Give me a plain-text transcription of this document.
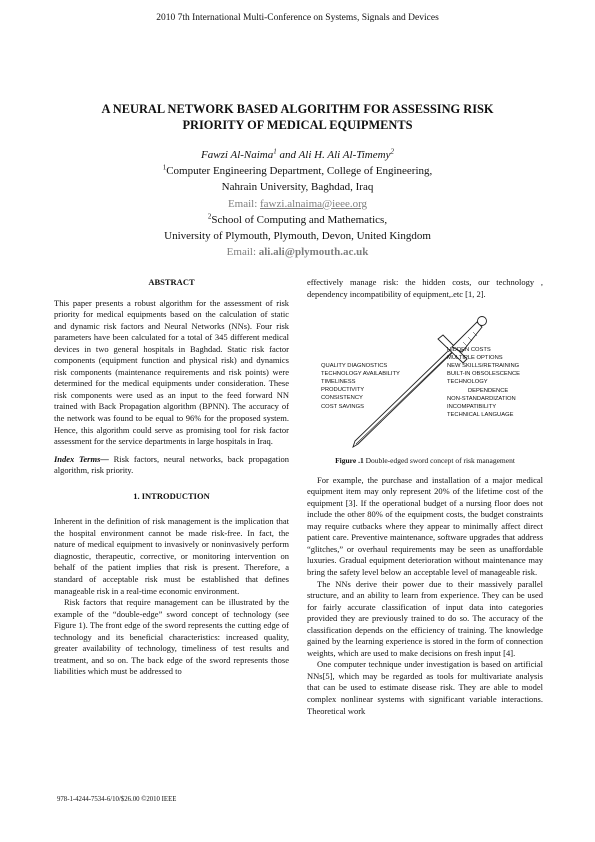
2010 7th International Multi-Conference on Systems, Signals and Devices
A NEURAL NETWORK BASED ALGORITHM FOR ASSESSING RISK
PRIORITY OF MEDICAL EQUIPMENTS
Fawzi Al-Naima$^1$ and Ali H. Ali Al-Timemy$^2$
$^1$Computer Engineering Department, College of Engineering,
Nahrain University, Baghdad, Iraq
Email: fawzi.alnaima@ieee.org
$^2$School of Computing and Mathematics,
University of Plymouth, Plymouth, Devon, United Kingdom
Email: ali.ali@plymouth.ac.uk
ABSTRACT

This paper presents a robust algorithm for the assessment of risk priority for medical equipments based on the calculation of static and dynamic risk factors and Neural Networks (NNs). Four risk parameters have been calculated for a total of 345 different medical devices in two general hospitals in Baghdad. Static risk factor components (equipment function and physical risk) and dynamics risk components (maintenance requirements and risk points) were determined for the medical equipments under consideration. These risk components were used as an input to the feed forward NN trained with Back Propagation algorithm (BPNN). The accuracy of the network was found to be equal to 96% for the proposed system. Hence, this algorithm could serve as promising tool for risk factor assessment for the service departments in large hospitals in Iraq.

Index Terms— Risk factors, neural networks, back propagation algorithm, risk priority.

1. INTRODUCTION

Inherent in the definition of risk management is the implication that the hospital environment cannot be made risk-free. In fact, the nature of medical equipment to invasively or noninvasively perform diagnostic, therapeutic, corrective, or monitoring intervention on behalf of the patient implies that risk is present. Therefore, a standard of acceptable risk must be established that defines manageable risk in a real-time economic environment.

Risk factors that require management can be illustrated by the example of the “double-edge” sword concept of technology (see Figure 1). The front edge of the sword represents the cutting edge of technology and its beneficial characteristics: increased quality, greater availability of technology, timeliness of test results and treatment, and so on. The back edge of the sword represents those liabilities which must be addressed to

effectively manage risk: the hidden costs, our technology , dependency incompatibility of equipment,.etc [1, 2].

QUALITY DIAGNOSTICS
TECHNOLOGY AVAILABILITY
TIMELINESS
PRODUCTIVITY
CONSISTENCY
COST SAVINGS
HIDDEN COSTS
MULTIPLE OPTIONS
NEW SKILLS/RETRAINING
BUILT-IN OBSOLESCENCE
TECHNOLOGY
DEPENDENCE
NON-STANDARDIZATION
INCOMPATIBILITY
TECHNICAL LANGUAGE
Figure .1 Double-edged sword concept of risk management

For example, the purchase and installation of a major medical equipment item may only represent 20% of the lifetime cost of the equipment [3]. If the operational budget of a nursing floor does not include the other 80% of the equipment costs, the budget constraints may require cutbacks where they appear to minimally affect direct patient care. Preventive maintenance, software upgrades that address “glitches,” or overhaul requirements may be seen as unaffordable luxuries. Gradual equipment deterioration without maintenance may bring the safety level below an acceptable level of manageable risk.

The NNs derive their power due to their massively parallel structure, and an ability to learn from experience. They can be used for fairly accurate classification of input data into categories provided they are previously trained to do so. The accuracy of the classification depends on the efficiency of training. The knowledge gained by the learning experience is stored in the form of connection weights, which are used to make decisions on fresh input [4].

One computer technique under investigation is based on artificial NNs[5], which may be regarded as tools for multivariate analysis that can be used to estimate disease risk. They are able to model complex nonlinear systems with significant variable interactions. Theoretical work

978-1-4244-7534-6/10/$26.00 ©2010 IEEE
